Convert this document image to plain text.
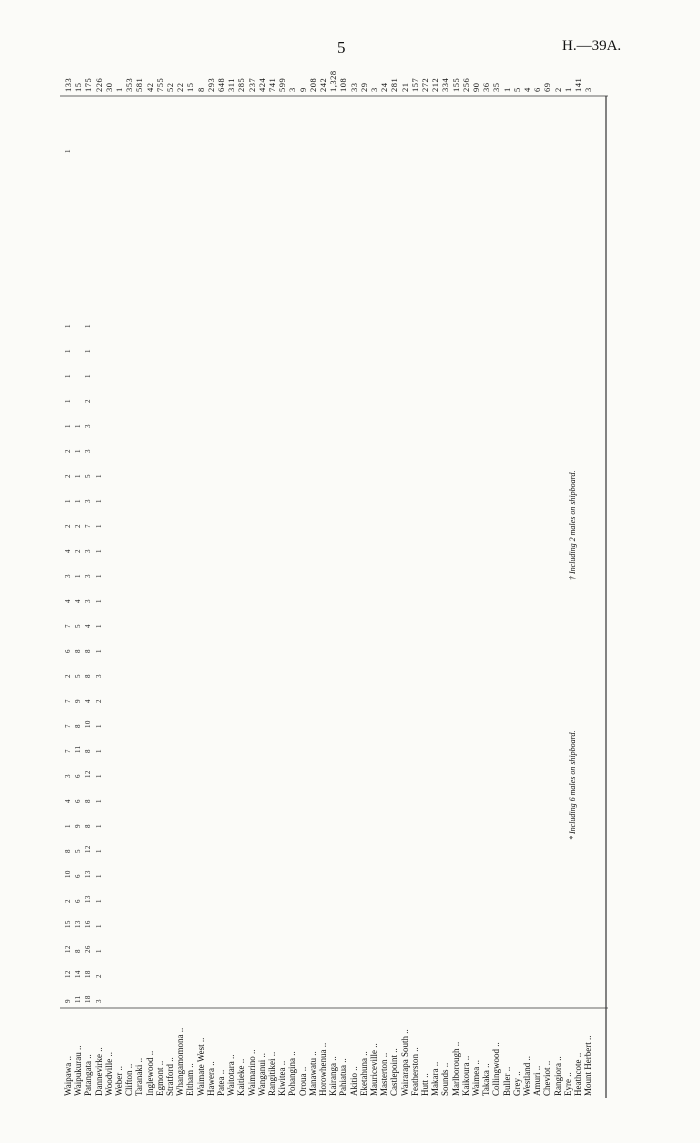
5	H.—39A.
Waipawa ..
133
Waipukurau ..
15
Patangata ..
175
Dannevirke ..
226
Woodville ..
30
Weber ..
1
Clifton ..
353
Taranaki ..
581
Inglewood ..
42
Egmont ..
755
Stratford ..
52
Whangamomona ..
22
Eltham ..
15
Waimate West ..
8
Hawera ..
293
Patea ..
648
Waitotara ..
311
Kaitieke ..
285
Waimarino ..
237
Wanganui ..
424
Rangitikei ..
741
Kiwitea ..
599
Pohangina ..
3
Oroua ..
9
Manawatu ..
208
Horowhenua ..
242
Kairanga ..
1,328
Pahiatua ..
108
Akitio ..
33
Eketahuna ..
29
Mauriceville ..
3
Masterton ..
24
Castlepoint ..
281
Wairarapa South ..
21
Featherston ..
157
Hutt ..
272
Makara ..
212
Sounds ..
334
Marlborough ..
155
Kaikoura ..
256
Waimea ..
90
Takaka ..
36
Collingwood ..
35
Buller ..
1
Grey ..
5
Westland ..
4
Amuri ..
6
Cheviot ..
69
Rangiora ..
2
Eyre ..
1
Heathcote ..
141
Mount Herbert ..
3
9
12
12
15
2
10
8
1
4
3
7
7
7
2
6
7
4
3
4
2
1
2
2
1
1
1
1
1
1
11
14
8
13
6
6
5
9
6
6
11
8
9
5
8
5
4
1
2
2
1
1
1
1
18
18
26
16
13
13
12
8
8
12
8
10
4
8
8
4
3
3
3
7
3
5
3
3
2
1
1
1
3
2
1
1
1
1
1
1
1
1
1
1
2
3
1
1
1
1
1
1
1
1
* Including 6 males on shipboard.
† Including 2 males on shipboard.
